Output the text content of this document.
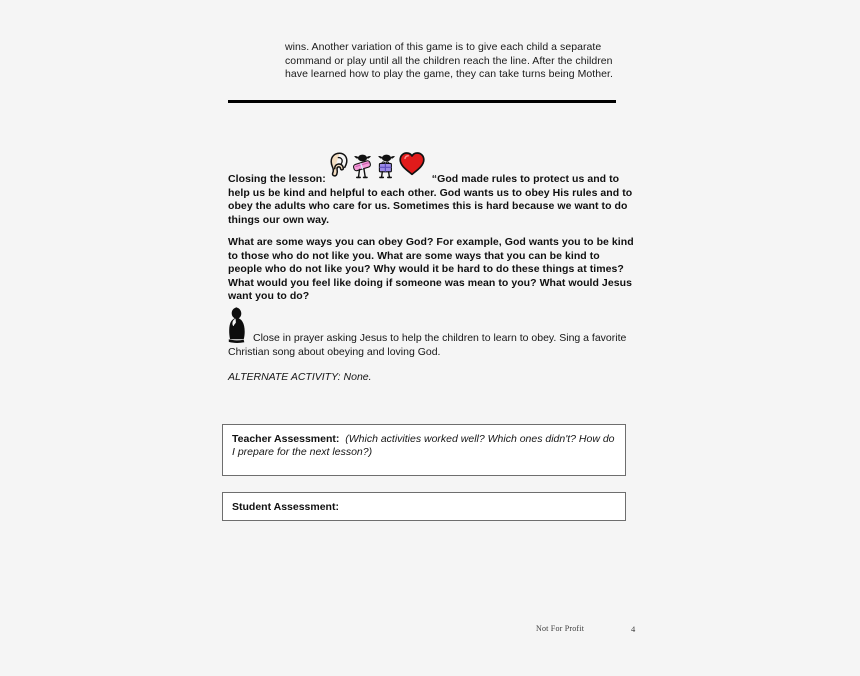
wins. Another variation of this game is to give each child a separate command or play until all the children reach the line. After the children have learned how to play the game, they can take turns being Mother.
Closing the lesson:	“God made rules to protect us and to help us be kind and helpful to each other. God wants us to obey His rules and to obey the adults who care for us. Sometimes this is hard because we want to do things our own way.
What are some ways you can obey God? For example, God wants you to be kind to those who do not like you. What are some ways that you can be kind to people who do not like you? Why would it be hard to do these things at times? What would you feel like doing if someone was mean to you? What would Jesus want you to do?
Close in prayer asking Jesus to help the children to learn to obey. Sing a favorite Christian song about obeying and loving God.
ALTERNATE ACTIVITY: None.
Teacher Assessment: (Which activities worked well? Which ones didn't? How do I prepare for the next lesson?)
Student Assessment:
Not For Profit	4
